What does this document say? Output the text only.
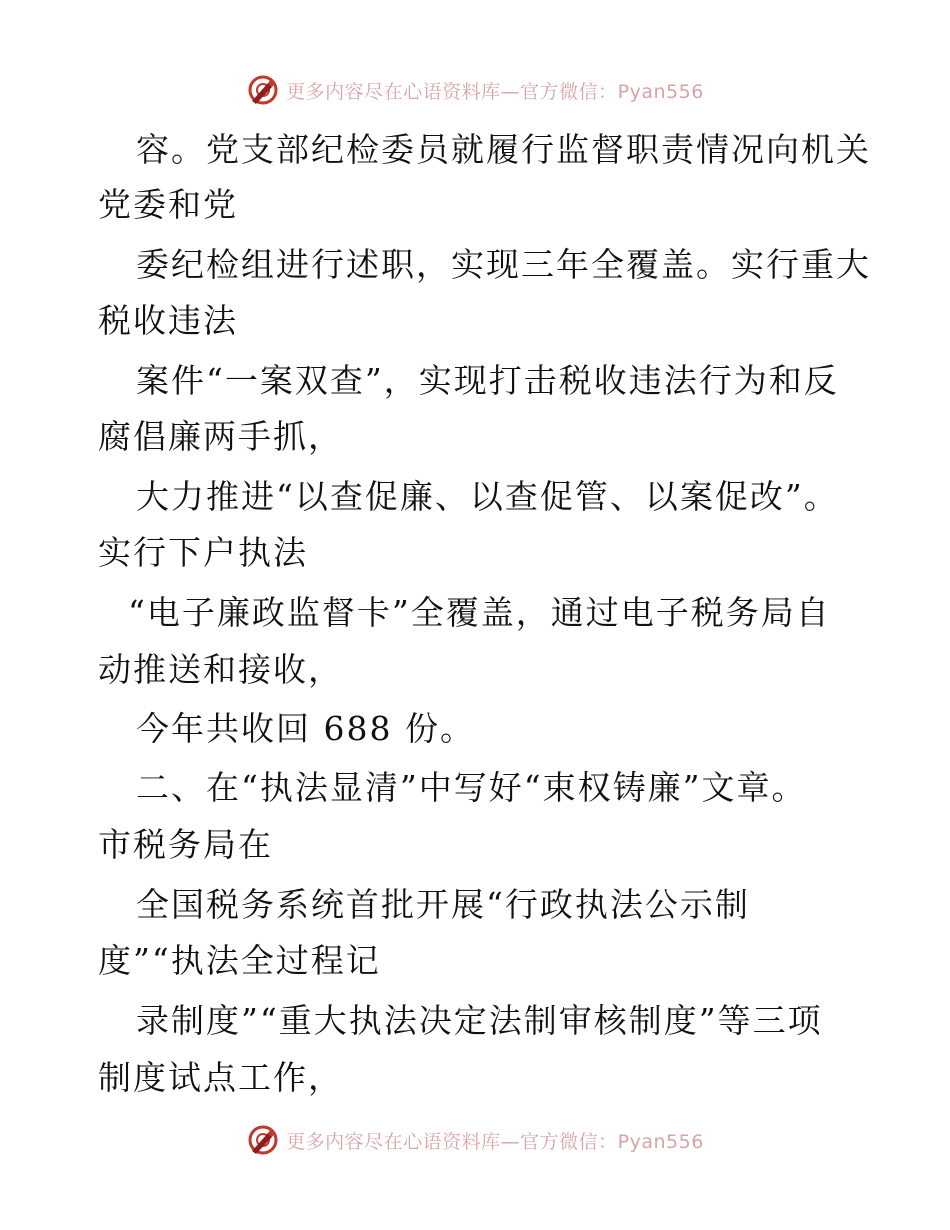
更多内容尽在心语资料库—官方微信：Pyan556
容。党支部纪检委员就履行监督职责情况向机关
党委和党
委纪检组进行述职，实现三年全覆盖。实行重大
税收违法
案件“一案双查”，实现打击税收违法行为和反
腐倡廉两手抓，
大力推进“以查促廉、以查促管、以案促改”。
实行下户执法
“电子廉政监督卡”全覆盖，通过电子税务局自
动推送和接收，
今年共收回 688 份。
二、在“执法显清”中写好“束权铸廉”文章。
市税务局在
全国税务系统首批开展“行政执法公示制
度”“执法全过程记
录制度”“重大执法决定法制审核制度”等三项
制度试点工作，
更多内容尽在心语资料库—官方微信：Pyan556
